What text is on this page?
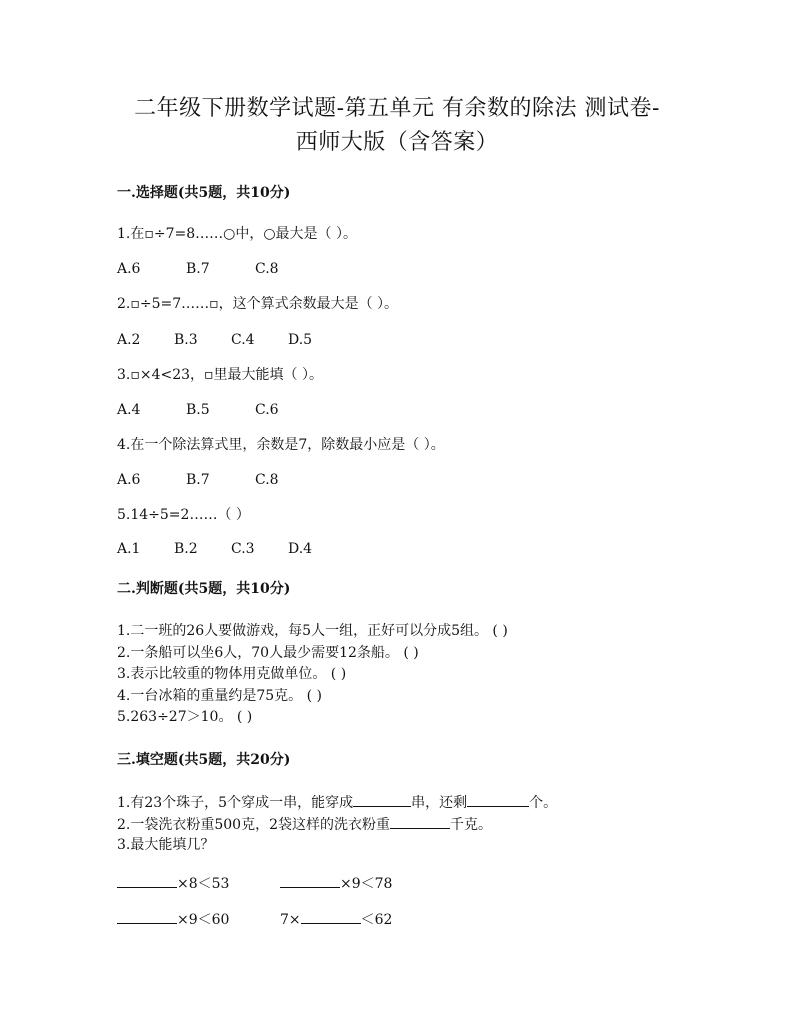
二年级下册数学试题-第五单元 有余数的除法 测试卷-
西师大版（含答案）
一.选择题(共5题，共10分)
1.在▫÷7=8……○中，○最大是（ ）。
A.6	B.7	C.8
2.▫÷5=7……▫，这个算式余数最大是（ ）。
A.2 B.3 C.4 D.5
3.▫×4<23，▫里最大能填（ ）。
A.4	B.5	C.6
4.在一个除法算式里，余数是7，除数最小应是（ ）。
A.6	B.7	C.8
5.14÷5=2……（ ）
A.1 B.2 C.3 D.4
二.判断题(共5题，共10分)
1.二一班的26人要做游戏，每5人一组，正好可以分成5组。 ( )
2.一条船可以坐6人，70人最少需要12条船。 ( )
3.表示比较重的物体用克做单位。 ( )
4.一台冰箱的重量约是75克。 ( )
5.263÷27＞10。 ( )
三.填空题(共5题，共20分)
1.有23个珠子，5个穿成一串，能穿成	串，还剩	个。
2.一袋洗衣粉重500克，2袋这样的洗衣粉重	千克。
3.最大能填几？
×8＜53	×9＜78
×9＜60	7×	＜62
